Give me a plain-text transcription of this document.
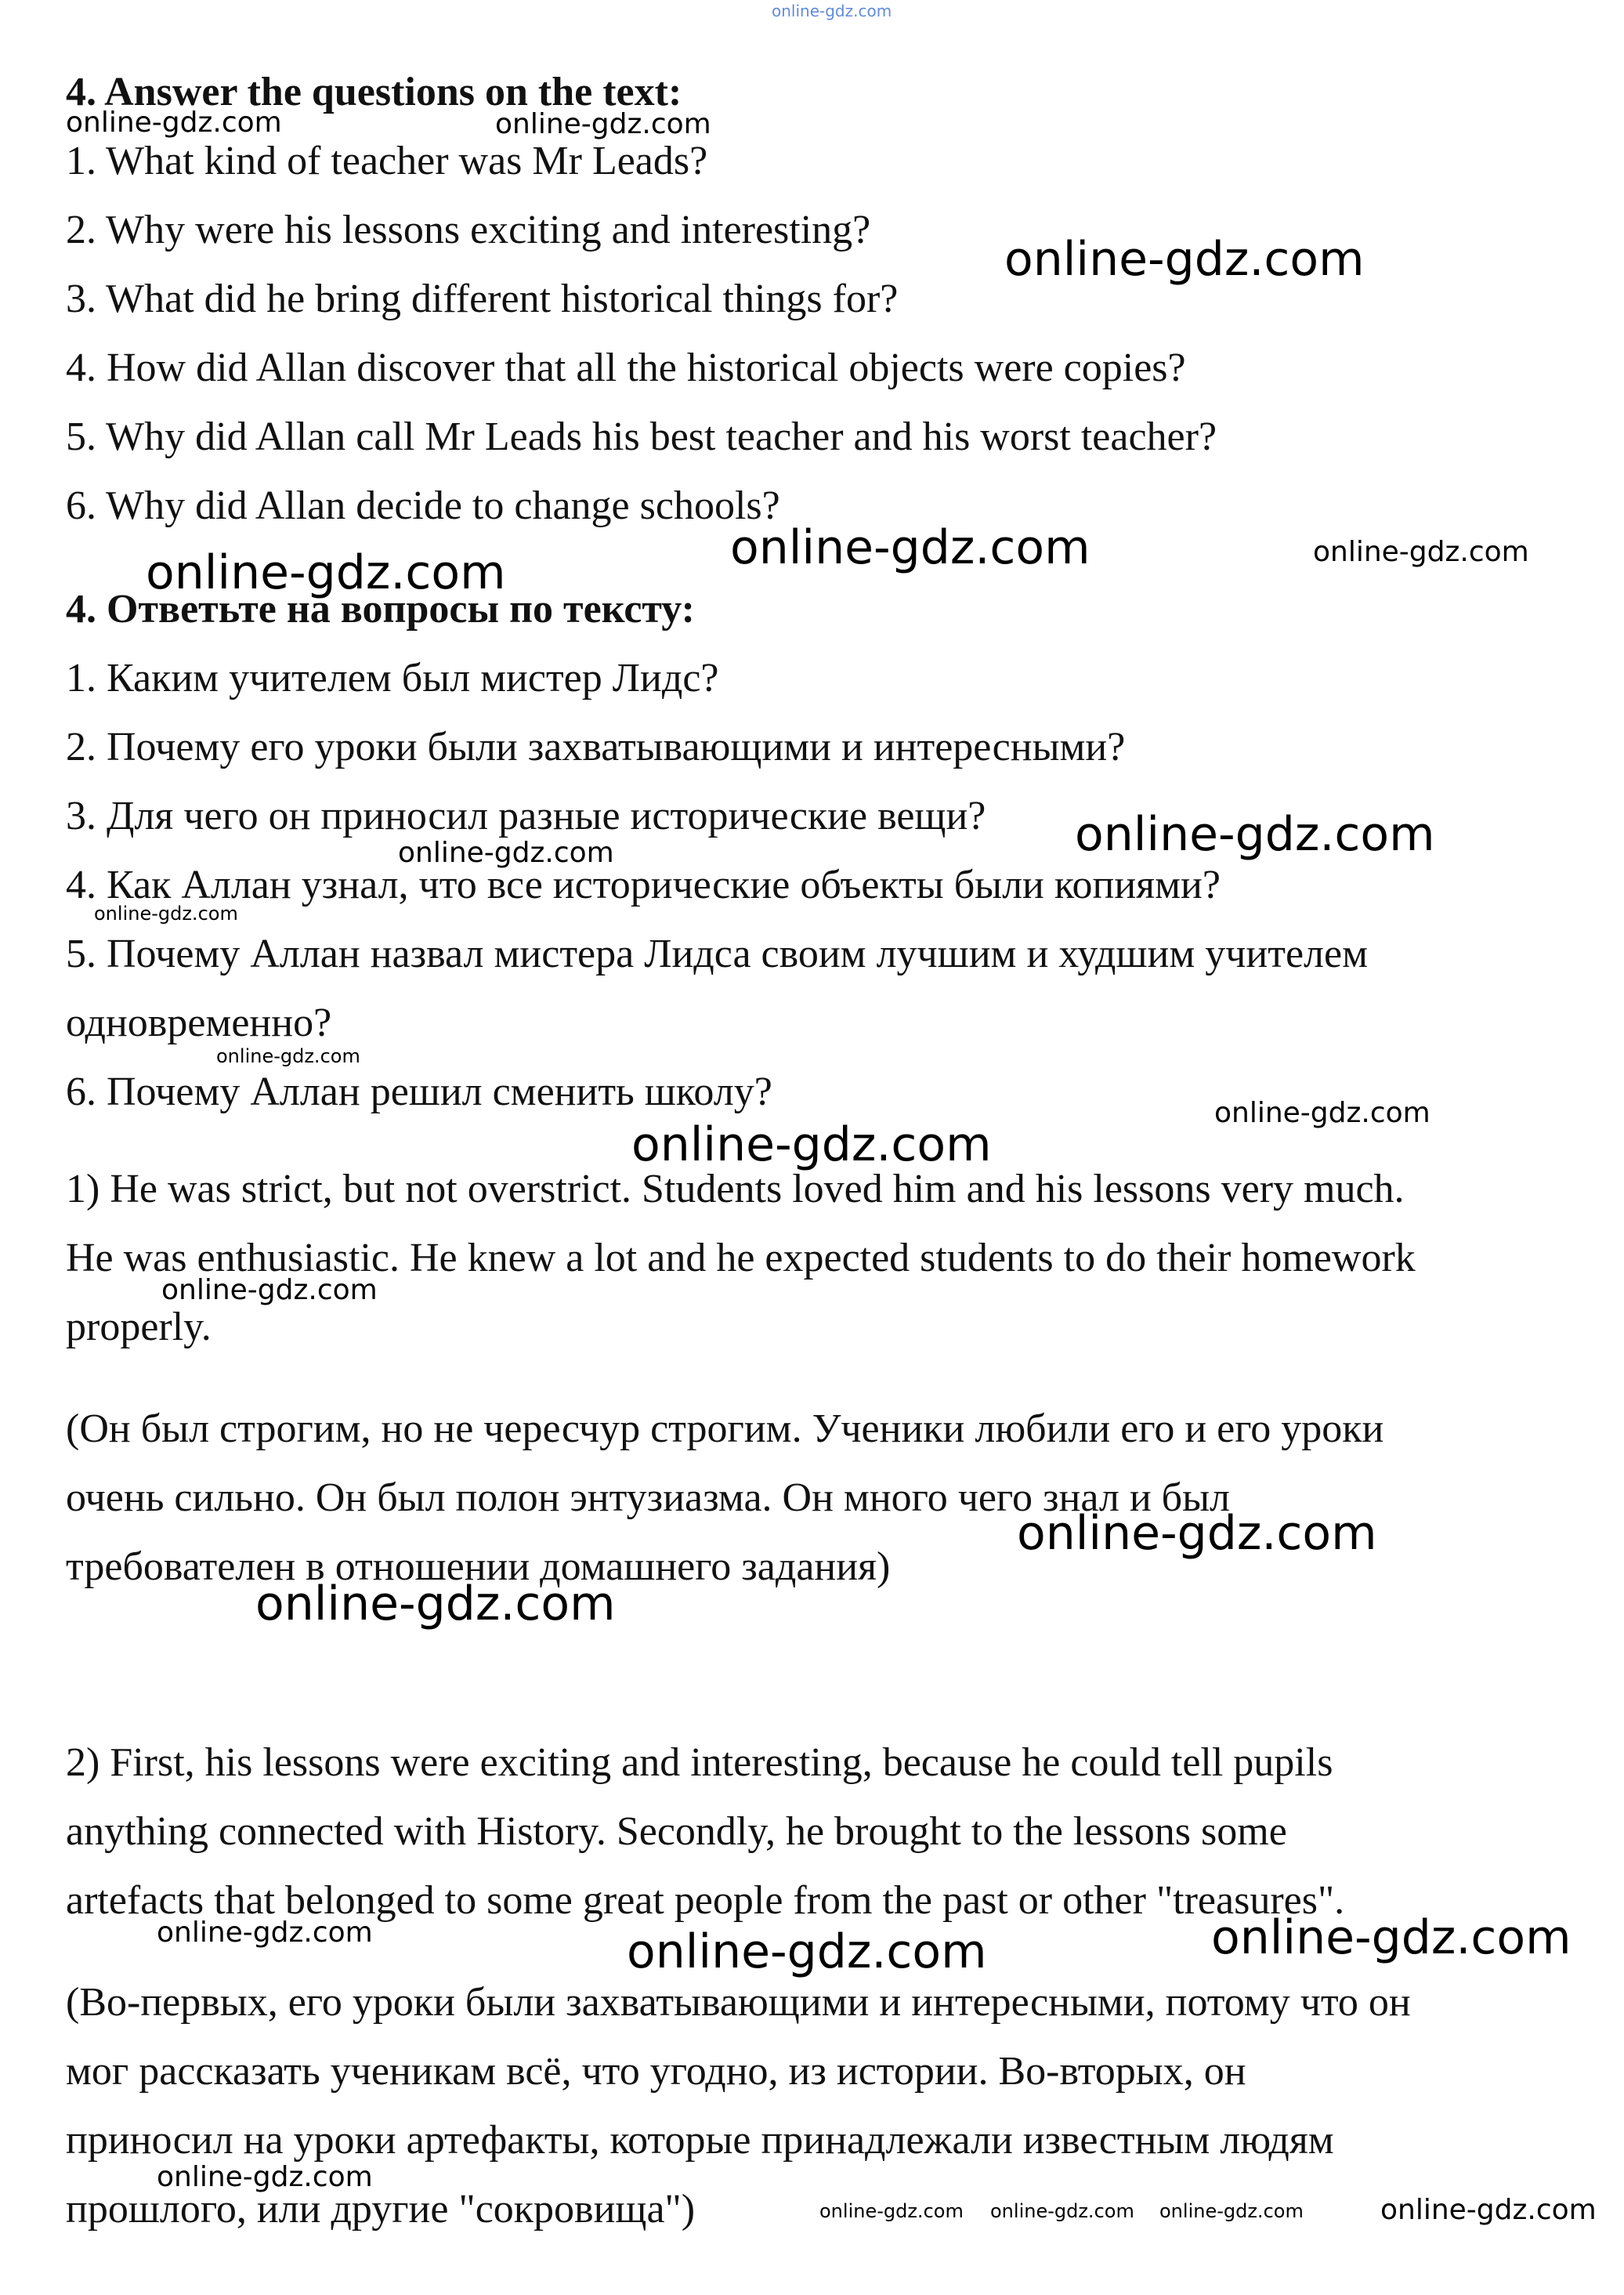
4. Answer the questions on the text:

1. What kind of teacher was Mr Leads?

2. Why were his lessons exciting and interesting?

3. What did he bring different historical things for?

4. How did Allan discover that all the historical objects were copies?

5. Why did Allan call Mr Leads his best teacher and his worst teacher?

6. Why did Allan decide to change schools?

4. Ответьте на вопросы по тексту:

1. Каким учителем был мистер Лидс?

2. Почему его уроки были захватывающими и интересными?

3. Для чего он приносил разные исторические вещи?

4. Как Аллан узнал, что все исторические объекты были копиями?

5. Почему Аллан назвал мистера Лидса своим лучшим и худшим учителем

одновременно?

6. Почему Аллан решил сменить школу?

1) He was strict, but not overstrict. Students loved him and his lessons very much.

He was enthusiastic. He knew a lot and he expected students to do their homework

properly.

(Он был строгим, но не чересчур строгим. Ученики любили его и его уроки

очень сильно. Он был полон энтузиазма. Он много чего знал и был

требователен в отношении домашнего задания)

2) First, his lessons were exciting and interesting, because he could tell pupils

anything connected with History. Secondly, he brought to the lessons some

artefacts that belonged to some great people from the past or other "treasures".

(Во-первых, его уроки были захватывающими и интересными, потому что он

мог рассказать ученикам всё, что угодно, из истории. Во-вторых, он

приносил на уроки артефакты, которые принадлежали известным людям

прошлого, или другие "сокровища")

online-gdz.com
online-gdz.com	online-gdz.com
online-gdz.com
online-gdz.com	online-gdz.com	online-gdz.com
online-gdz.com
online-gdz.com
online-gdz.com
online-gdz.com
online-gdz.com
online-gdz.com
online-gdz.com
online-gdz.com
online-gdz.com
online-gdz.com	online-gdz.com	online-gdz.com
online-gdz.com
online-gdz.com online-gdz.com online-gdz.com	online-gdz.com
